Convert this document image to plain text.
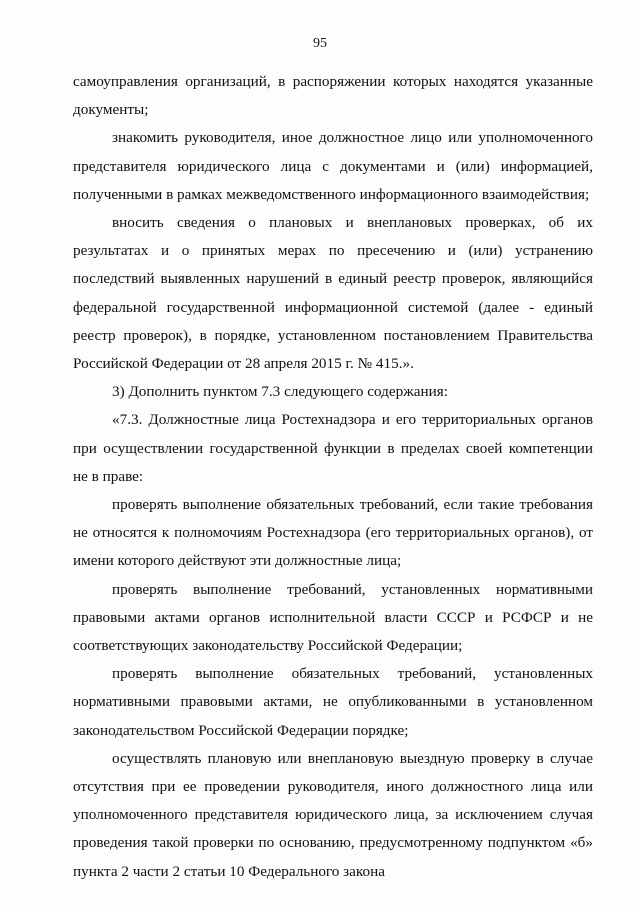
95

самоуправления организаций, в распоряжении которых находятся указанные документы;

знакомить руководителя, иное должностное лицо или уполномоченного представителя юридического лица с документами и (или) информацией, полученными в рамках межведомственного информационного взаимодействия;

вносить сведения о плановых и внеплановых проверках, об их результатах и о принятых мерах по пресечению и (или) устранению последствий выявленных нарушений в единый реестр проверок, являющийся федеральной государственной информационной системой (далее - единый реестр проверок), в порядке, установленном постановлением Правительства Российской Федерации от 28 апреля 2015 г. № 415.».

3) Дополнить пунктом 7.3 следующего содержания:

«7.3. Должностные лица Ростехнадзора и его территориальных органов при осуществлении государственной функции в пределах своей компетенции не в праве:

проверять выполнение обязательных требований, если такие требования не относятся к полномочиям Ростехнадзора (его территориальных органов), от имени которого действуют эти должностные лица;

проверять выполнение требований, установленных нормативными правовыми актами органов исполнительной власти СССР и РСФСР и не соответствующих законодательству Российской Федерации;

проверять выполнение обязательных требований, установленных нормативными правовыми актами, не опубликованными в установленном законодательством Российской Федерации порядке;

осуществлять плановую или внеплановую выездную проверку в случае отсутствия при ее проведении руководителя, иного должностного лица или уполномоченного представителя юридического лица, за исключением случая проведения такой проверки по основанию, предусмотренному подпунктом «б» пункта 2 части 2 статьи 10 Федерального закона
